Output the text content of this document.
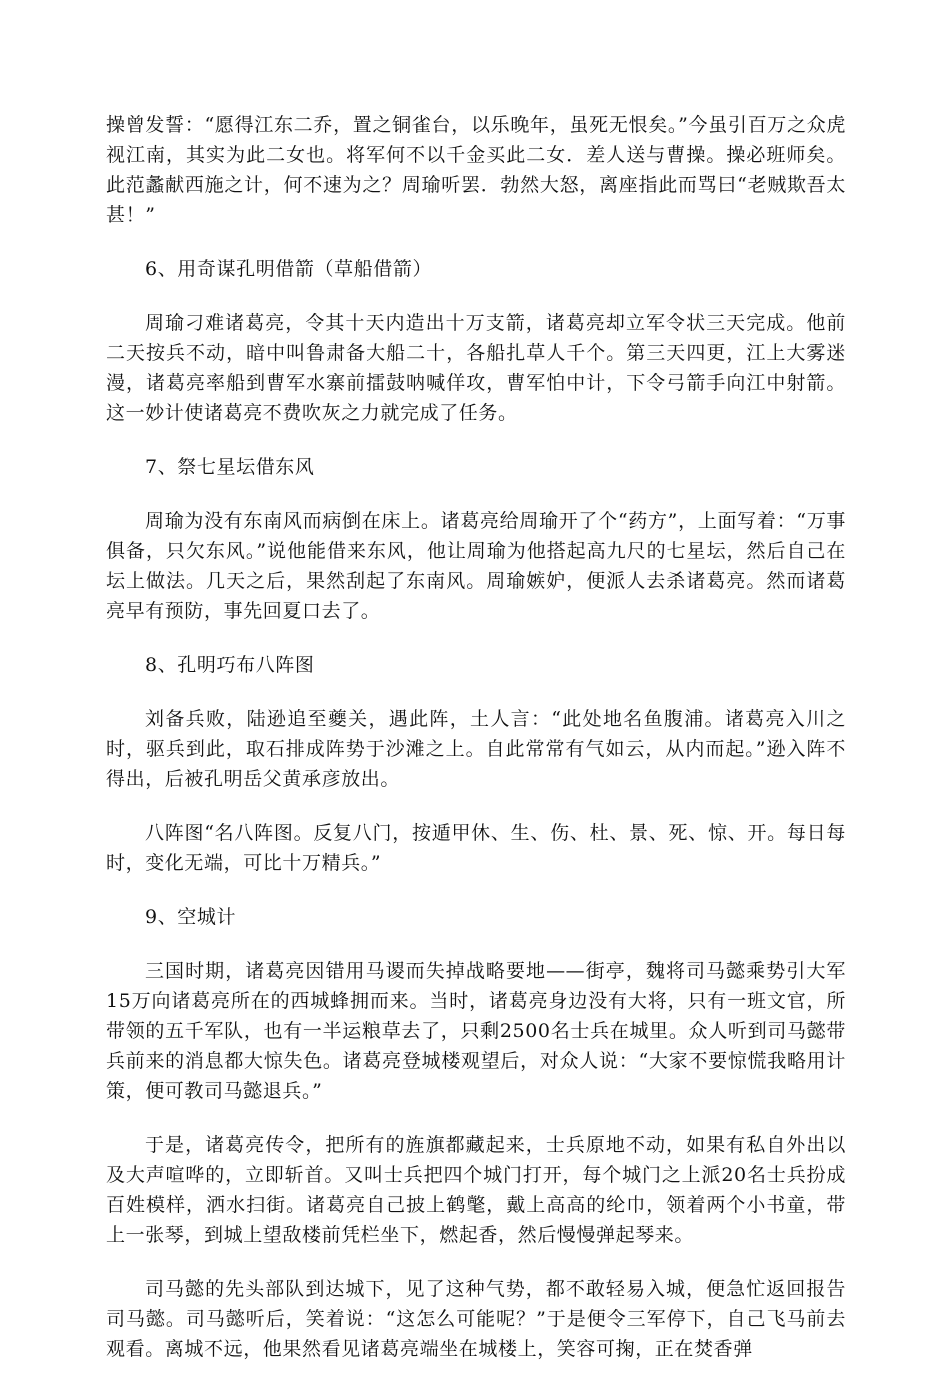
操曾发誓：“愿得江东二乔，置之铜雀台，以乐晚年，虽死无恨矣。”今虽引百万之众虎视江南，其实为此二女也。将军何不以千金买此二女．差人送与曹操。操必班师矣。此范蠡献西施之计，何不速为之？周瑜听罢．勃然大怒，离座指此而骂曰“老贼欺吾太甚！”

6、用奇谋孔明借箭（草船借箭）

周瑜刁难诸葛亮，令其十天内造出十万支箭，诸葛亮却立军令状三天完成。他前二天按兵不动，暗中叫鲁肃备大船二十，各船扎草人千个。第三天四更，江上大雾迷漫，诸葛亮率船到曹军水寨前擂鼓呐喊佯攻，曹军怕中计，下令弓箭手向江中射箭。这一妙计使诸葛亮不费吹灰之力就完成了任务。

7、祭七星坛借东风

周瑜为没有东南风而病倒在床上。诸葛亮给周瑜开了个“药方”，上面写着：“万事俱备，只欠东风。”说他能借来东风，他让周瑜为他搭起高九尺的七星坛，然后自己在坛上做法。几天之后，果然刮起了东南风。周瑜嫉妒，便派人去杀诸葛亮。然而诸葛亮早有预防，事先回夏口去了。

8、孔明巧布八阵图

刘备兵败，陆逊追至夔关，遇此阵，土人言：“此处地名鱼腹浦。诸葛亮入川之时，驱兵到此，取石排成阵势于沙滩之上。自此常常有气如云，从内而起。”逊入阵不得出，后被孔明岳父黄承彦放出。

八阵图“名八阵图。反复八门，按遁甲休、生、伤、杜、景、死、惊、开。每日每时，变化无端，可比十万精兵。”

9、空城计

三国时期，诸葛亮因错用马谡而失掉战略要地——街亭，魏将司马懿乘势引大军15万向诸葛亮所在的西城蜂拥而来。当时，诸葛亮身边没有大将，只有一班文官，所带领的五千军队，也有一半运粮草去了，只剩2500名士兵在城里。众人听到司马懿带兵前来的消息都大惊失色。诸葛亮登城楼观望后，对众人说：“大家不要惊慌我略用计策，便可教司马懿退兵。”

于是，诸葛亮传令，把所有的旌旗都藏起来，士兵原地不动，如果有私自外出以及大声喧哗的，立即斩首。又叫士兵把四个城门打开，每个城门之上派20名士兵扮成百姓模样，洒水扫街。诸葛亮自己披上鹤氅，戴上高高的纶巾，领着两个小书童，带上一张琴，到城上望敌楼前凭栏坐下，燃起香，然后慢慢弹起琴来。

司马懿的先头部队到达城下，见了这种气势，都不敢轻易入城，便急忙返回报告司马懿。司马懿听后，笑着说：“这怎么可能呢？”于是便令三军停下，自己飞马前去观看。离城不远，他果然看见诸葛亮端坐在城楼上，笑容可掬，正在焚香弹
